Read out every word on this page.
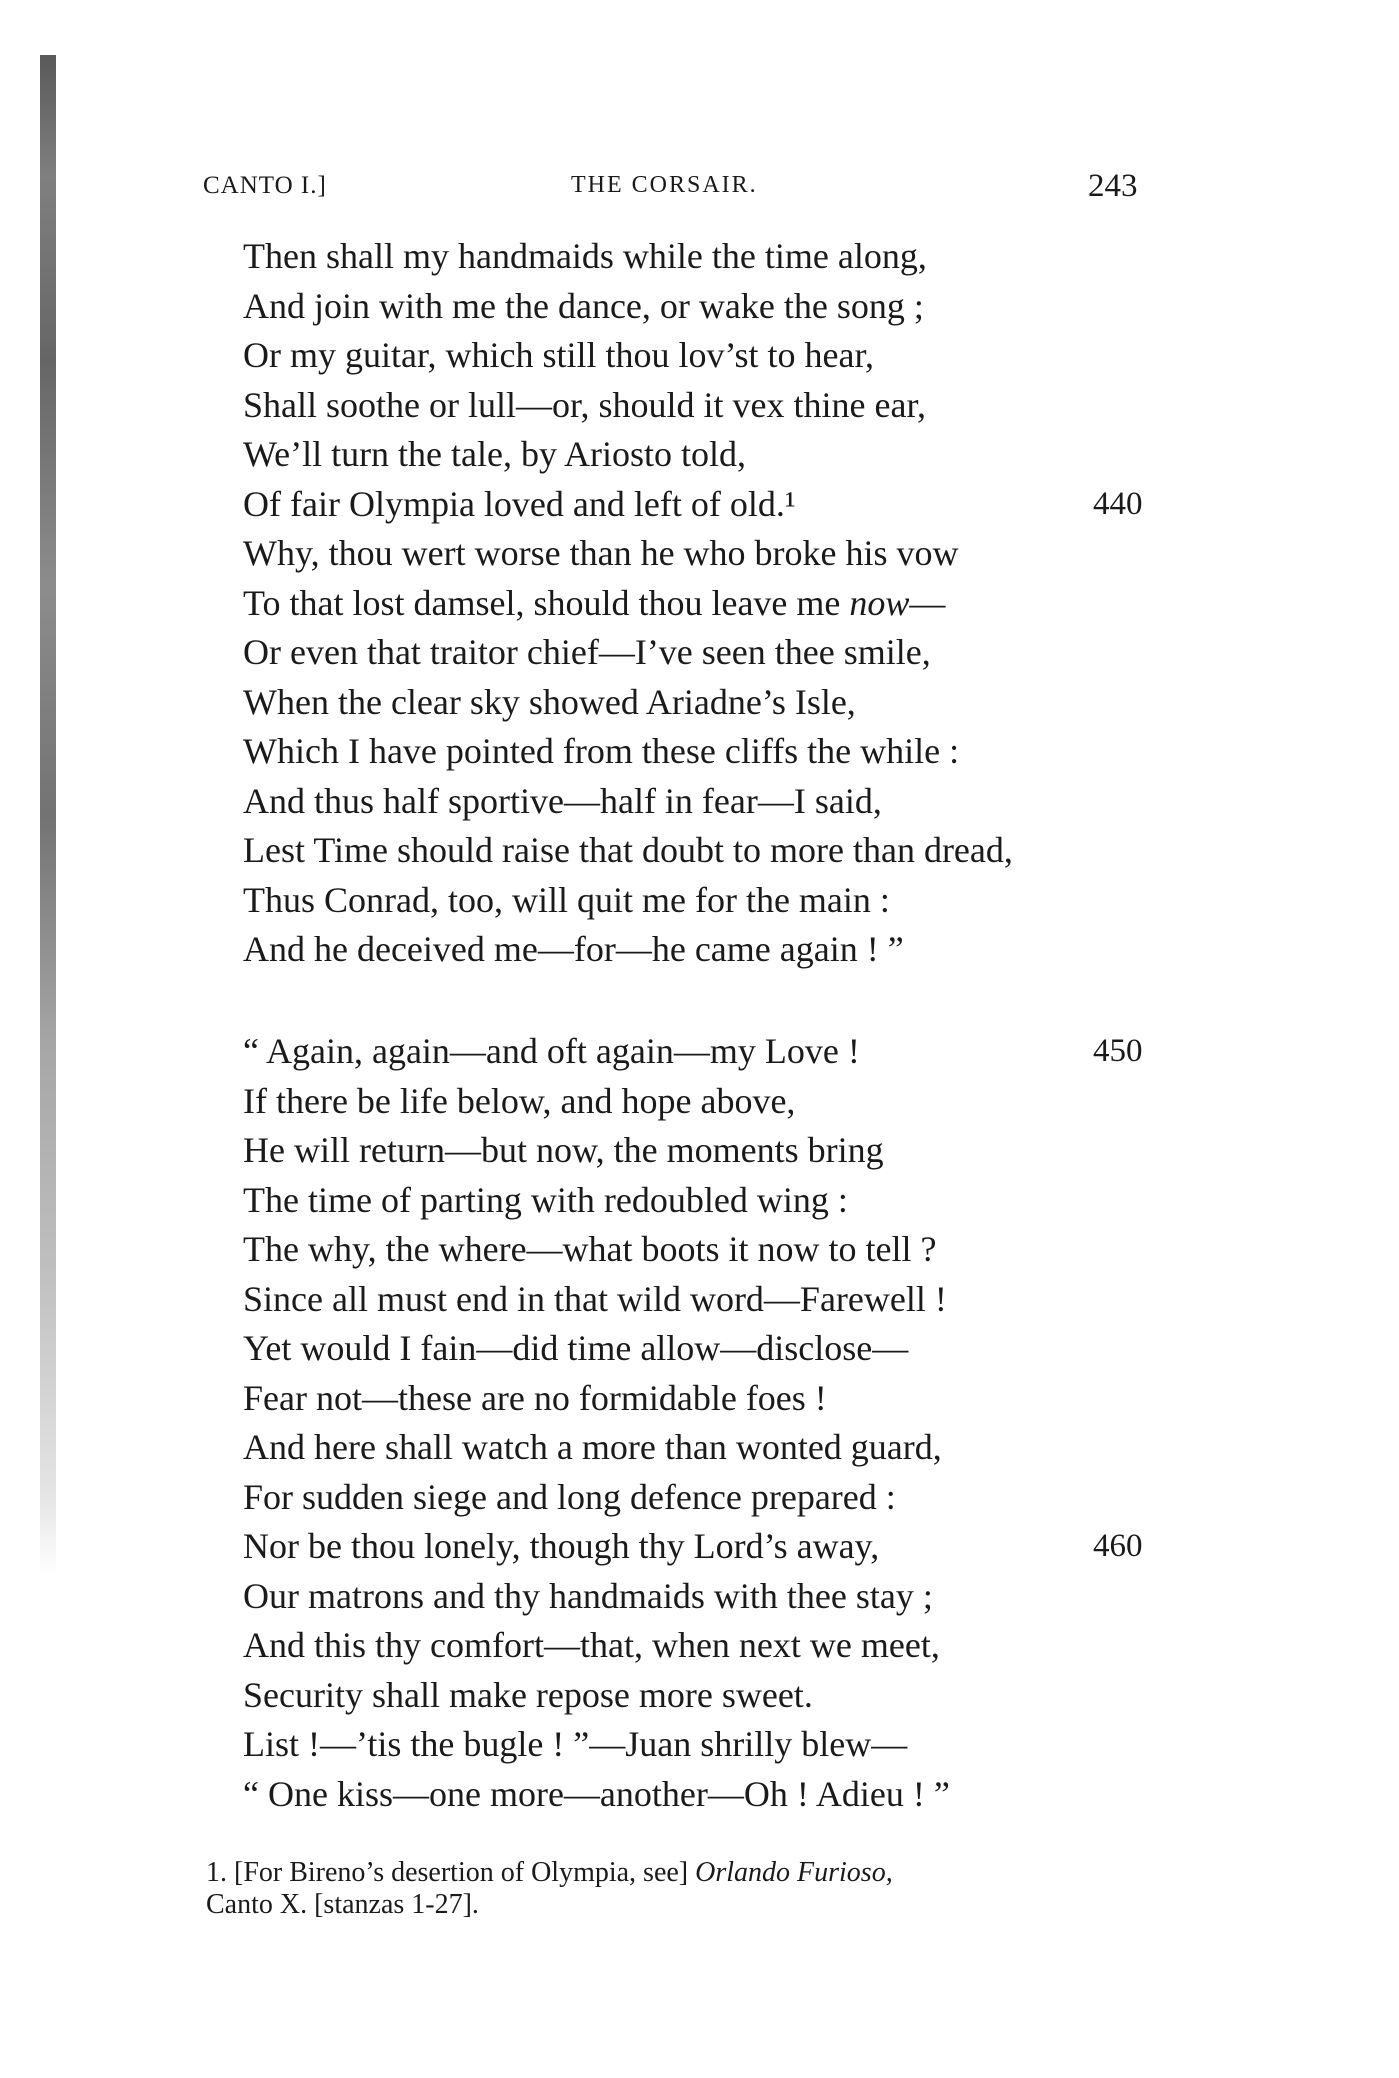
CANTO I.]	THE CORSAIR.	243
Then shall my handmaids while the time along,
And join with me the dance, or wake the song ;
Or my guitar, which still thou lov’st to hear,
Shall soothe or lull—or, should it vex thine ear,
We’ll turn the tale, by Ariosto told,
Of fair Olympia loved and left of old.¹	440
Why, thou wert worse than he who broke his vow
To that lost damsel, should thou leave me now—
Or even that traitor chief—I’ve seen thee smile,
When the clear sky showed Ariadne’s Isle,
Which I have pointed from these cliffs the while :
And thus half sportive—half in fear—I said,
Lest Time should raise that doubt to more than dread,
Thus Conrad, too, will quit me for the main :
And he deceived me—for—he came again ! ”
“ Again, again—and oft again—my Love !	450
If there be life below, and hope above,
He will return—but now, the moments bring
The time of parting with redoubled wing :
The why, the where—what boots it now to tell ?
Since all must end in that wild word—Farewell !
Yet would I fain—did time allow—disclose—
Fear not—these are no formidable foes !
And here shall watch a more than wonted guard,
For sudden siege and long defence prepared :
Nor be thou lonely, though thy Lord’s away,	460
Our matrons and thy handmaids with thee stay ;
And this thy comfort—that, when next we meet,
Security shall make repose more sweet.
List !—’tis the bugle ! ”—Juan shrilly blew—
“ One kiss—one more—another—Oh ! Adieu ! ”
1. [For Bireno’s desertion of Olympia, see] Orlando Furioso,
Canto X. [stanzas 1-27].
